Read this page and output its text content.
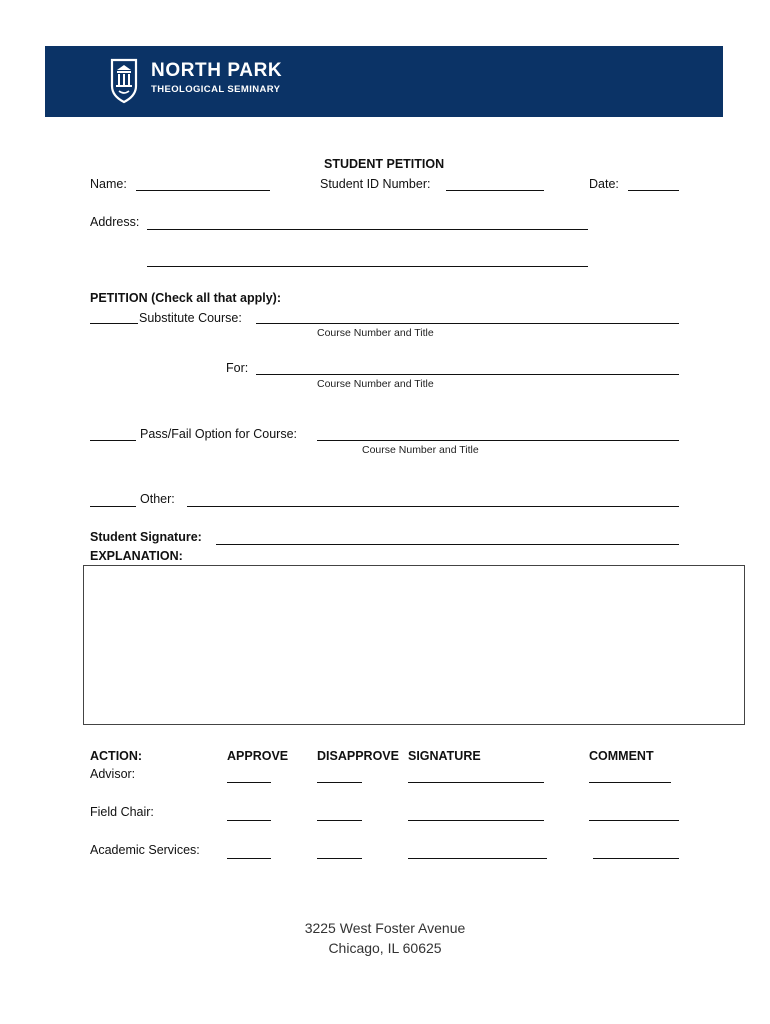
NORTH PARK
THEOLOGICAL SEMINARY
STUDENT PETITION
Name:	Student ID Number:	Date:
Address:
PETITION (Check all that apply):
Substitute Course:
Course Number and Title
For:
Course Number and Title
Pass/Fail Option for Course:
Course Number and Title
Other:
Student Signature:
EXPLANATION:
ACTION:	APPROVE DISAPPROVE SIGNATURE	COMMENT
Advisor:
Field Chair:
Academic Services:
3225 West Foster Avenue
Chicago, IL 60625
